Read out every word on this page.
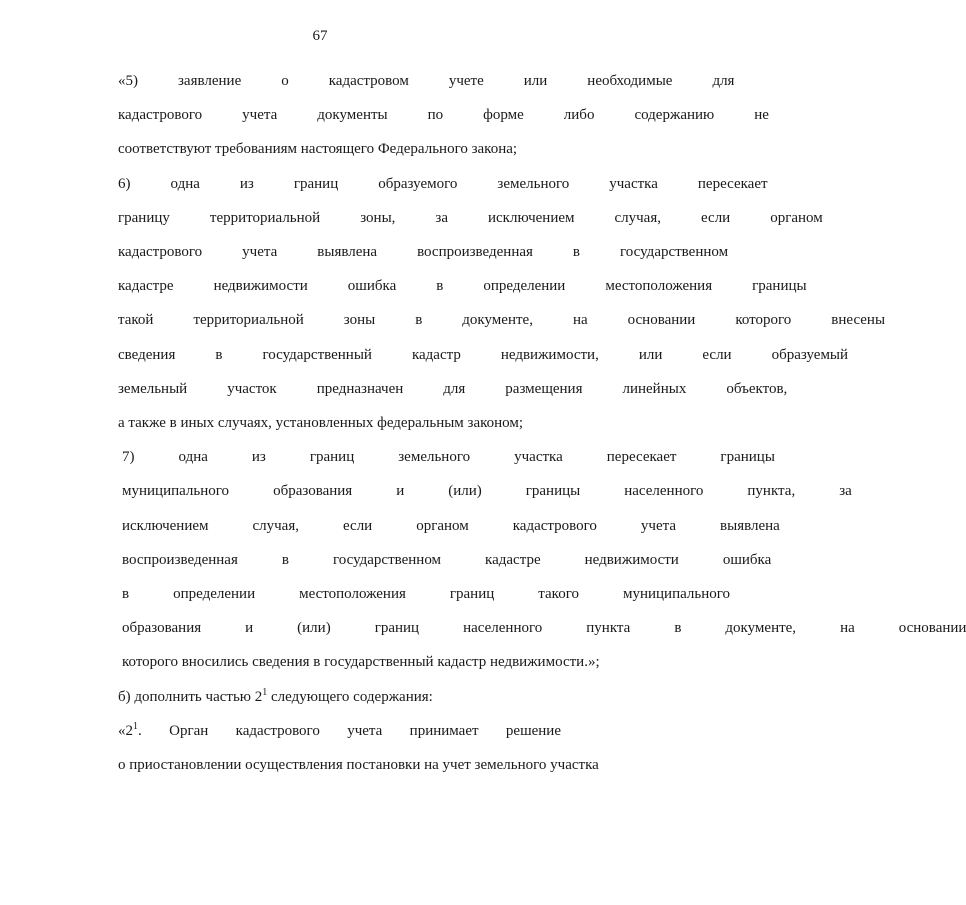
67
«5)	заявление	о	кадастровом	учете	или	необходимые	для
кадастрового	учета	документы	по	форме	либо	содержанию	не
соответствуют требованиям настоящего Федерального закона;
6)	одна	из	границ	образуемого	земельного	участка	пересекает
границу	территориальной	зоны,	за	исключением	случая,	если	органом
кадастрового	учета	выявлена	воспроизведенная	в	государственном
кадастре	недвижимости	ошибка	в	определении	местоположения	границы
такой	территориальной	зоны	в	документе,	на	основании	которого	внесены
сведения	в	государственный	кадастр	недвижимости,	или	если	образуемый
земельный	участок	предназначен	для	размещения	линейных	объектов,
а также в иных случаях, установленных федеральным законом;
7)	одна	из	границ	земельного	участка	пересекает	границы
муниципального	образования	и	(или)	границы	населенного	пункта,	за
исключением	случая,	если	органом	кадастрового	учета	выявлена
воспроизведенная	в	государственном	кадастре	недвижимости	ошибка
в	определении	местоположения	границ	такого	муниципального
образования	и	(или)	границ	населенного	пункта	в	документе,	на	основании
которого вносились сведения в государственный кадастр недвижимости.»;
б) дополнить частью $2^1$ следующего содержания:
«$2^1$. Орган кадастрового учета принимает решение
о приостановлении осуществления постановки на учет земельного участка
